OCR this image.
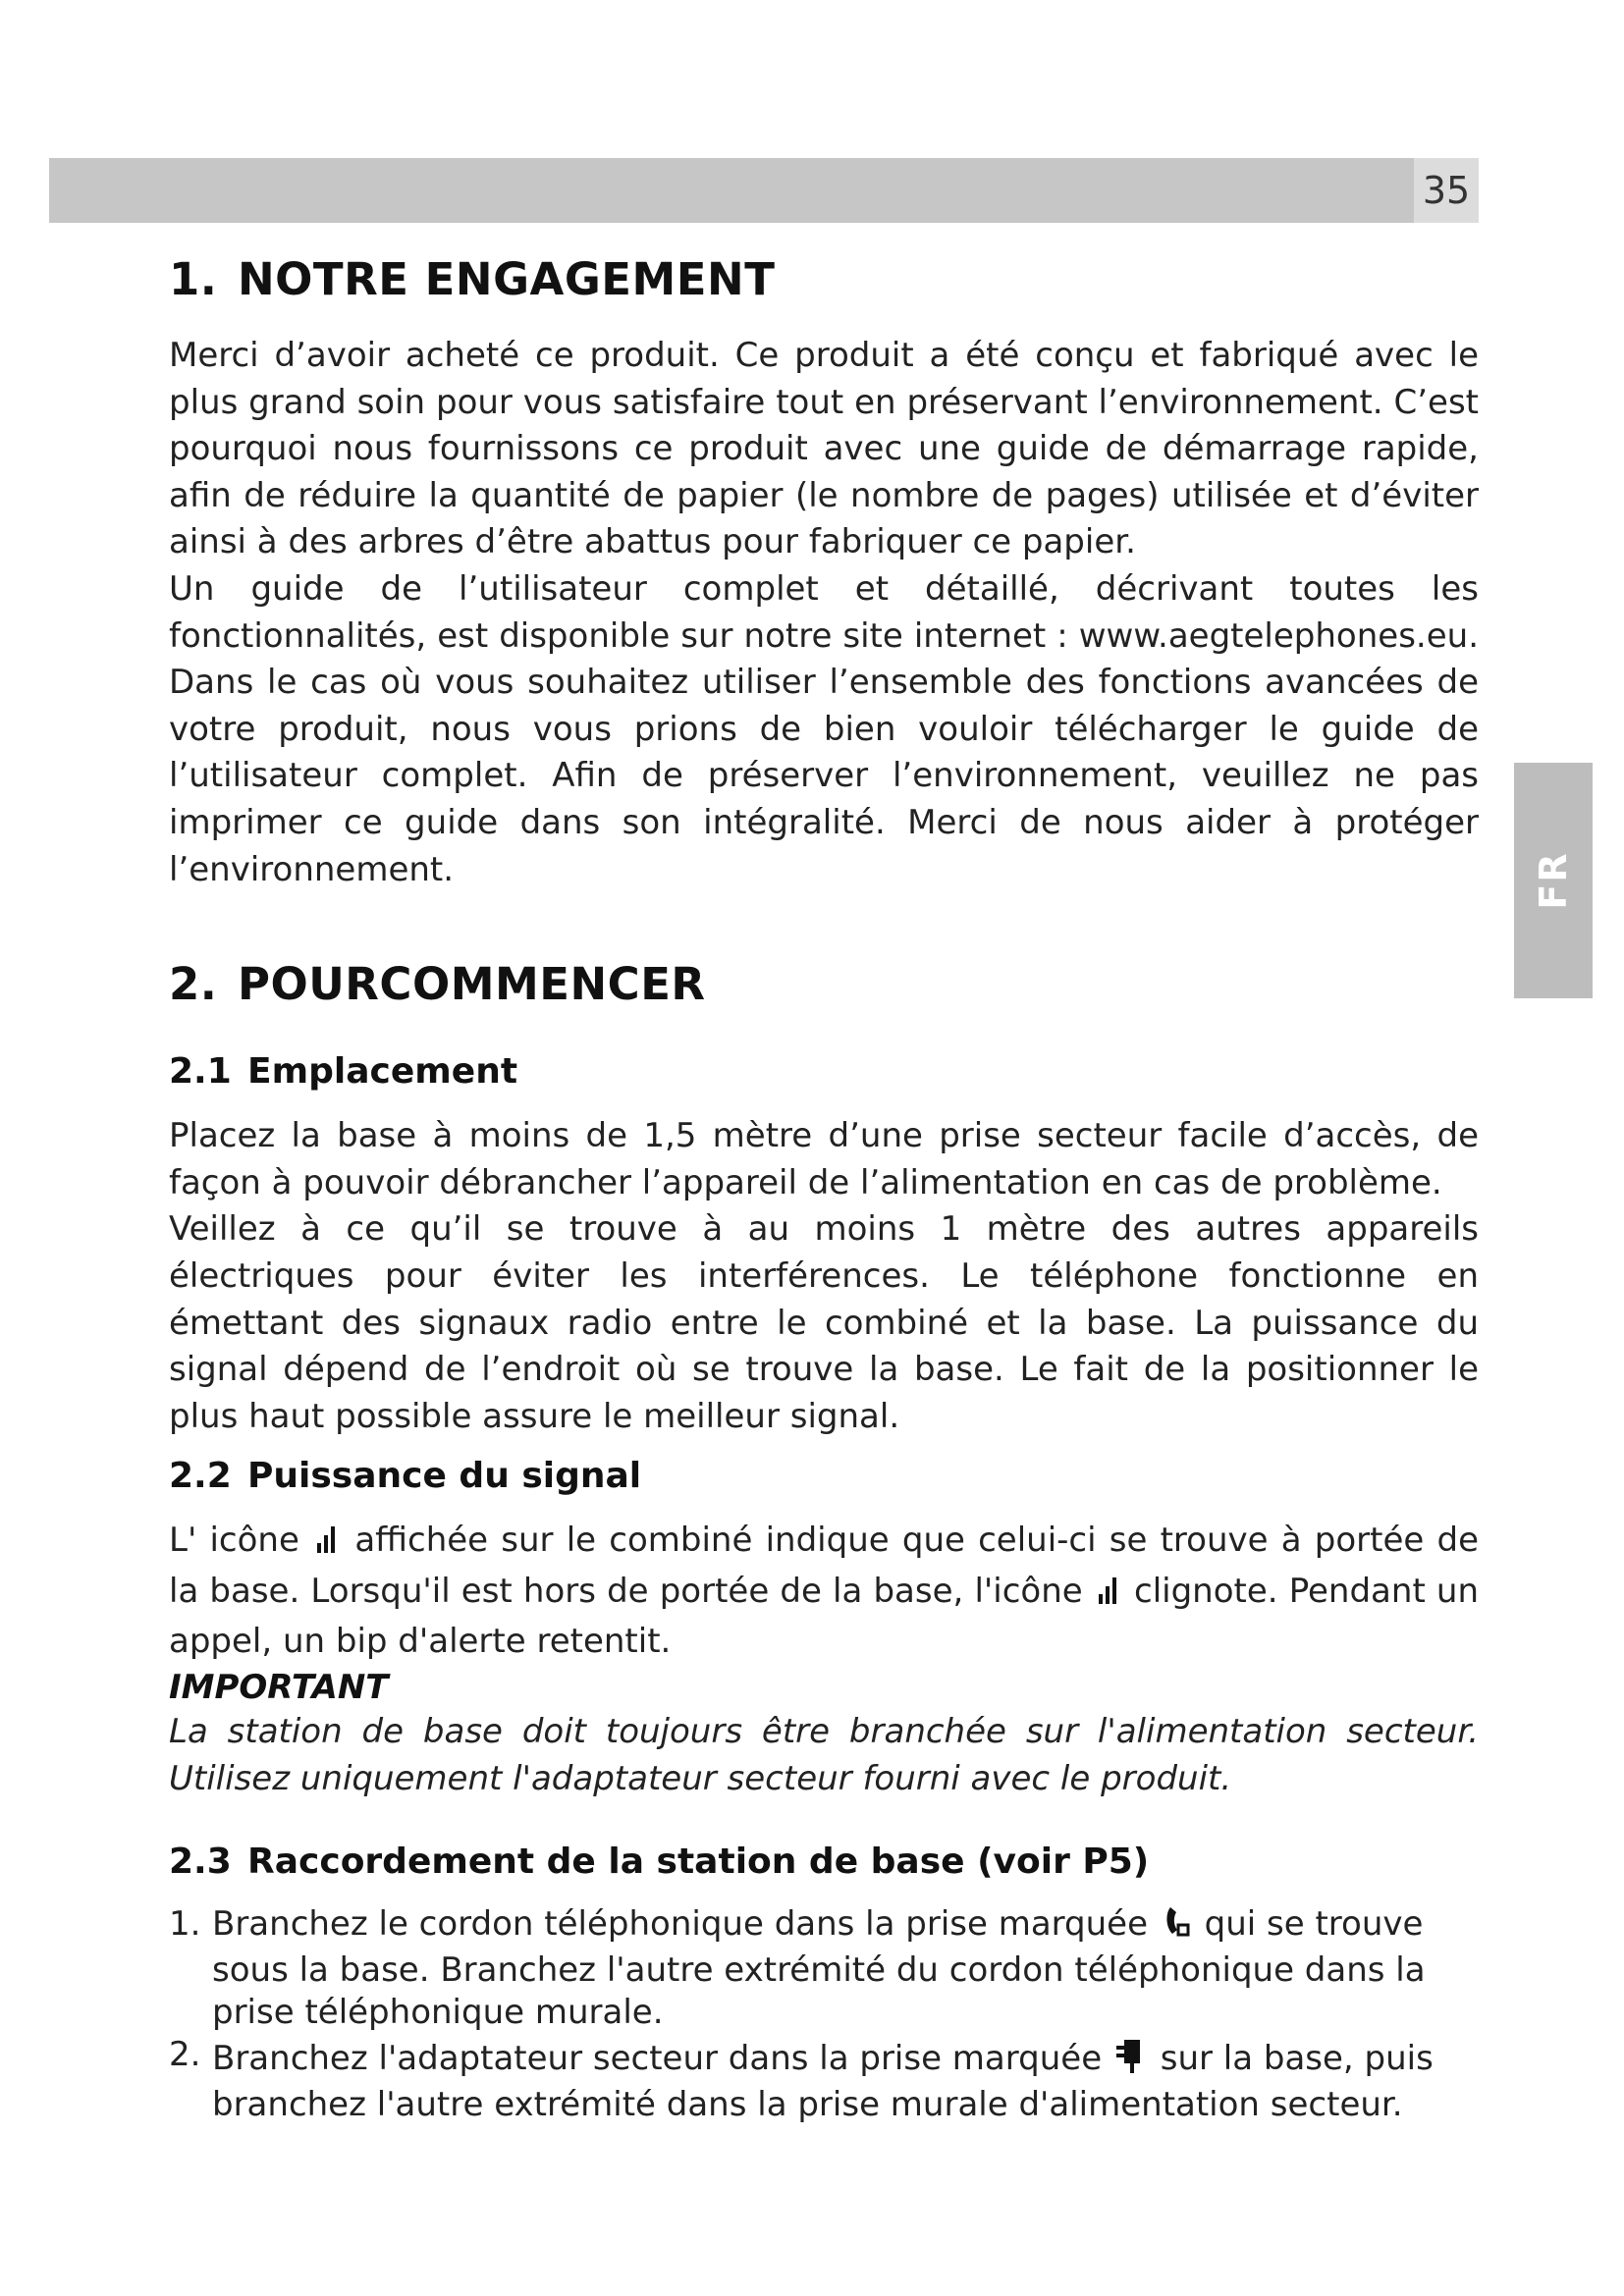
35
FR
1. NOTRE ENGAGEMENT

Merci d’avoir acheté ce produit. Ce produit a été conçu et fabriqué avec le plus grand soin pour vous satisfaire tout en préservant l’environnement. C’est pourquoi nous fournissons ce produit avec une guide de démarrage rapide, afin de réduire la quantité de papier (le nombre de pages) utilisée et d’éviter ainsi à des arbres d’être abattus pour fabriquer ce papier.

Un guide de l’utilisateur complet et détaillé, décrivant toutes les fonctionnalités, est disponible sur notre site internet : www.aegtelephones.eu. Dans le cas où vous souhaitez utiliser l’ensemble des fonctions avancées de votre produit, nous vous prions de bien vouloir télécharger le guide de l’utilisateur complet. Afin de préserver l’environnement, veuillez ne pas imprimer ce guide dans son intégralité. Merci de nous aider à protéger l’environnement.

2. POURCOMMENCER
2.1 Emplacement

Placez la base à moins de 1,5 mètre d’une prise secteur facile d’accès, de façon à pouvoir débrancher l’appareil de l’alimentation en cas de problème.

Veillez à ce qu’il se trouve à au moins 1 mètre des autres appareils électriques pour éviter les interférences. Le téléphone fonctionne en émettant des signaux radio entre le combiné et la base. La puissance du signal dépend de l’endroit où se trouve la base. Le fait de la positionner le plus haut possible assure le meilleur signal.

2.2 Puissance du signal

L' icône affichée sur le combiné indique que celui-ci se trouve à portée de la base. Lorsqu'il est hors de portée de la base, l'icône clignote. Pendant un appel, un bip d'alerte retentit.

IMPORTANT

La station de base doit toujours être branchée sur l'alimentation secteur. Utilisez uniquement l'adaptateur secteur fourni avec le produit.

2.3 Raccordement de la station de base (voir P5)
1. Branchez le cordon téléphonique dans la prise marquée qui se trouve sous la base. Branchez l'autre extrémité du cordon téléphonique dans la prise téléphonique murale.
2. Branchez l'adaptateur secteur dans la prise marquée sur la base, puis branchez l'autre extrémité dans la prise murale d'alimentation secteur.
